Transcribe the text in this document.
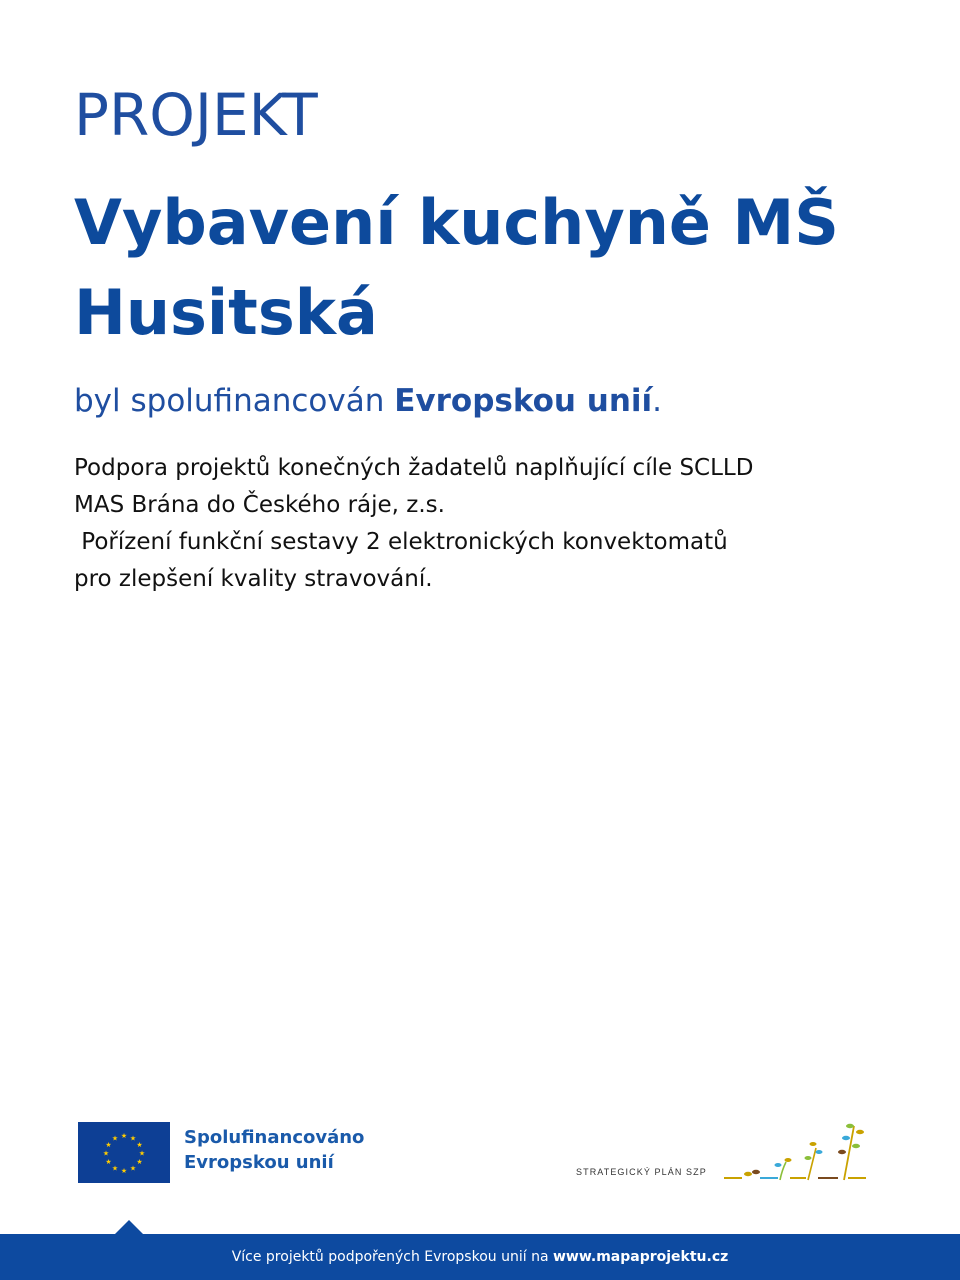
PROJEKT
Vybavení kuchyně MŠ Husitská
byl spolufinancován Evropskou unií.
Podpora projektů konečných žadatelů naplňující cíle SCLLD
MAS Brána do Českého ráje, z.s.
Pořízení funkční sestavy 2 elektronických konvektomatů
pro zlepšení kvality stravování.
★ ★
★
★
★
★
★
★
★
★
★
★	Spolufinancováno
Evropskou unií	STRATEGICKÝ PLÁN SZP
Více projektů podpořených Evropskou unií na www.mapaprojektu.cz
